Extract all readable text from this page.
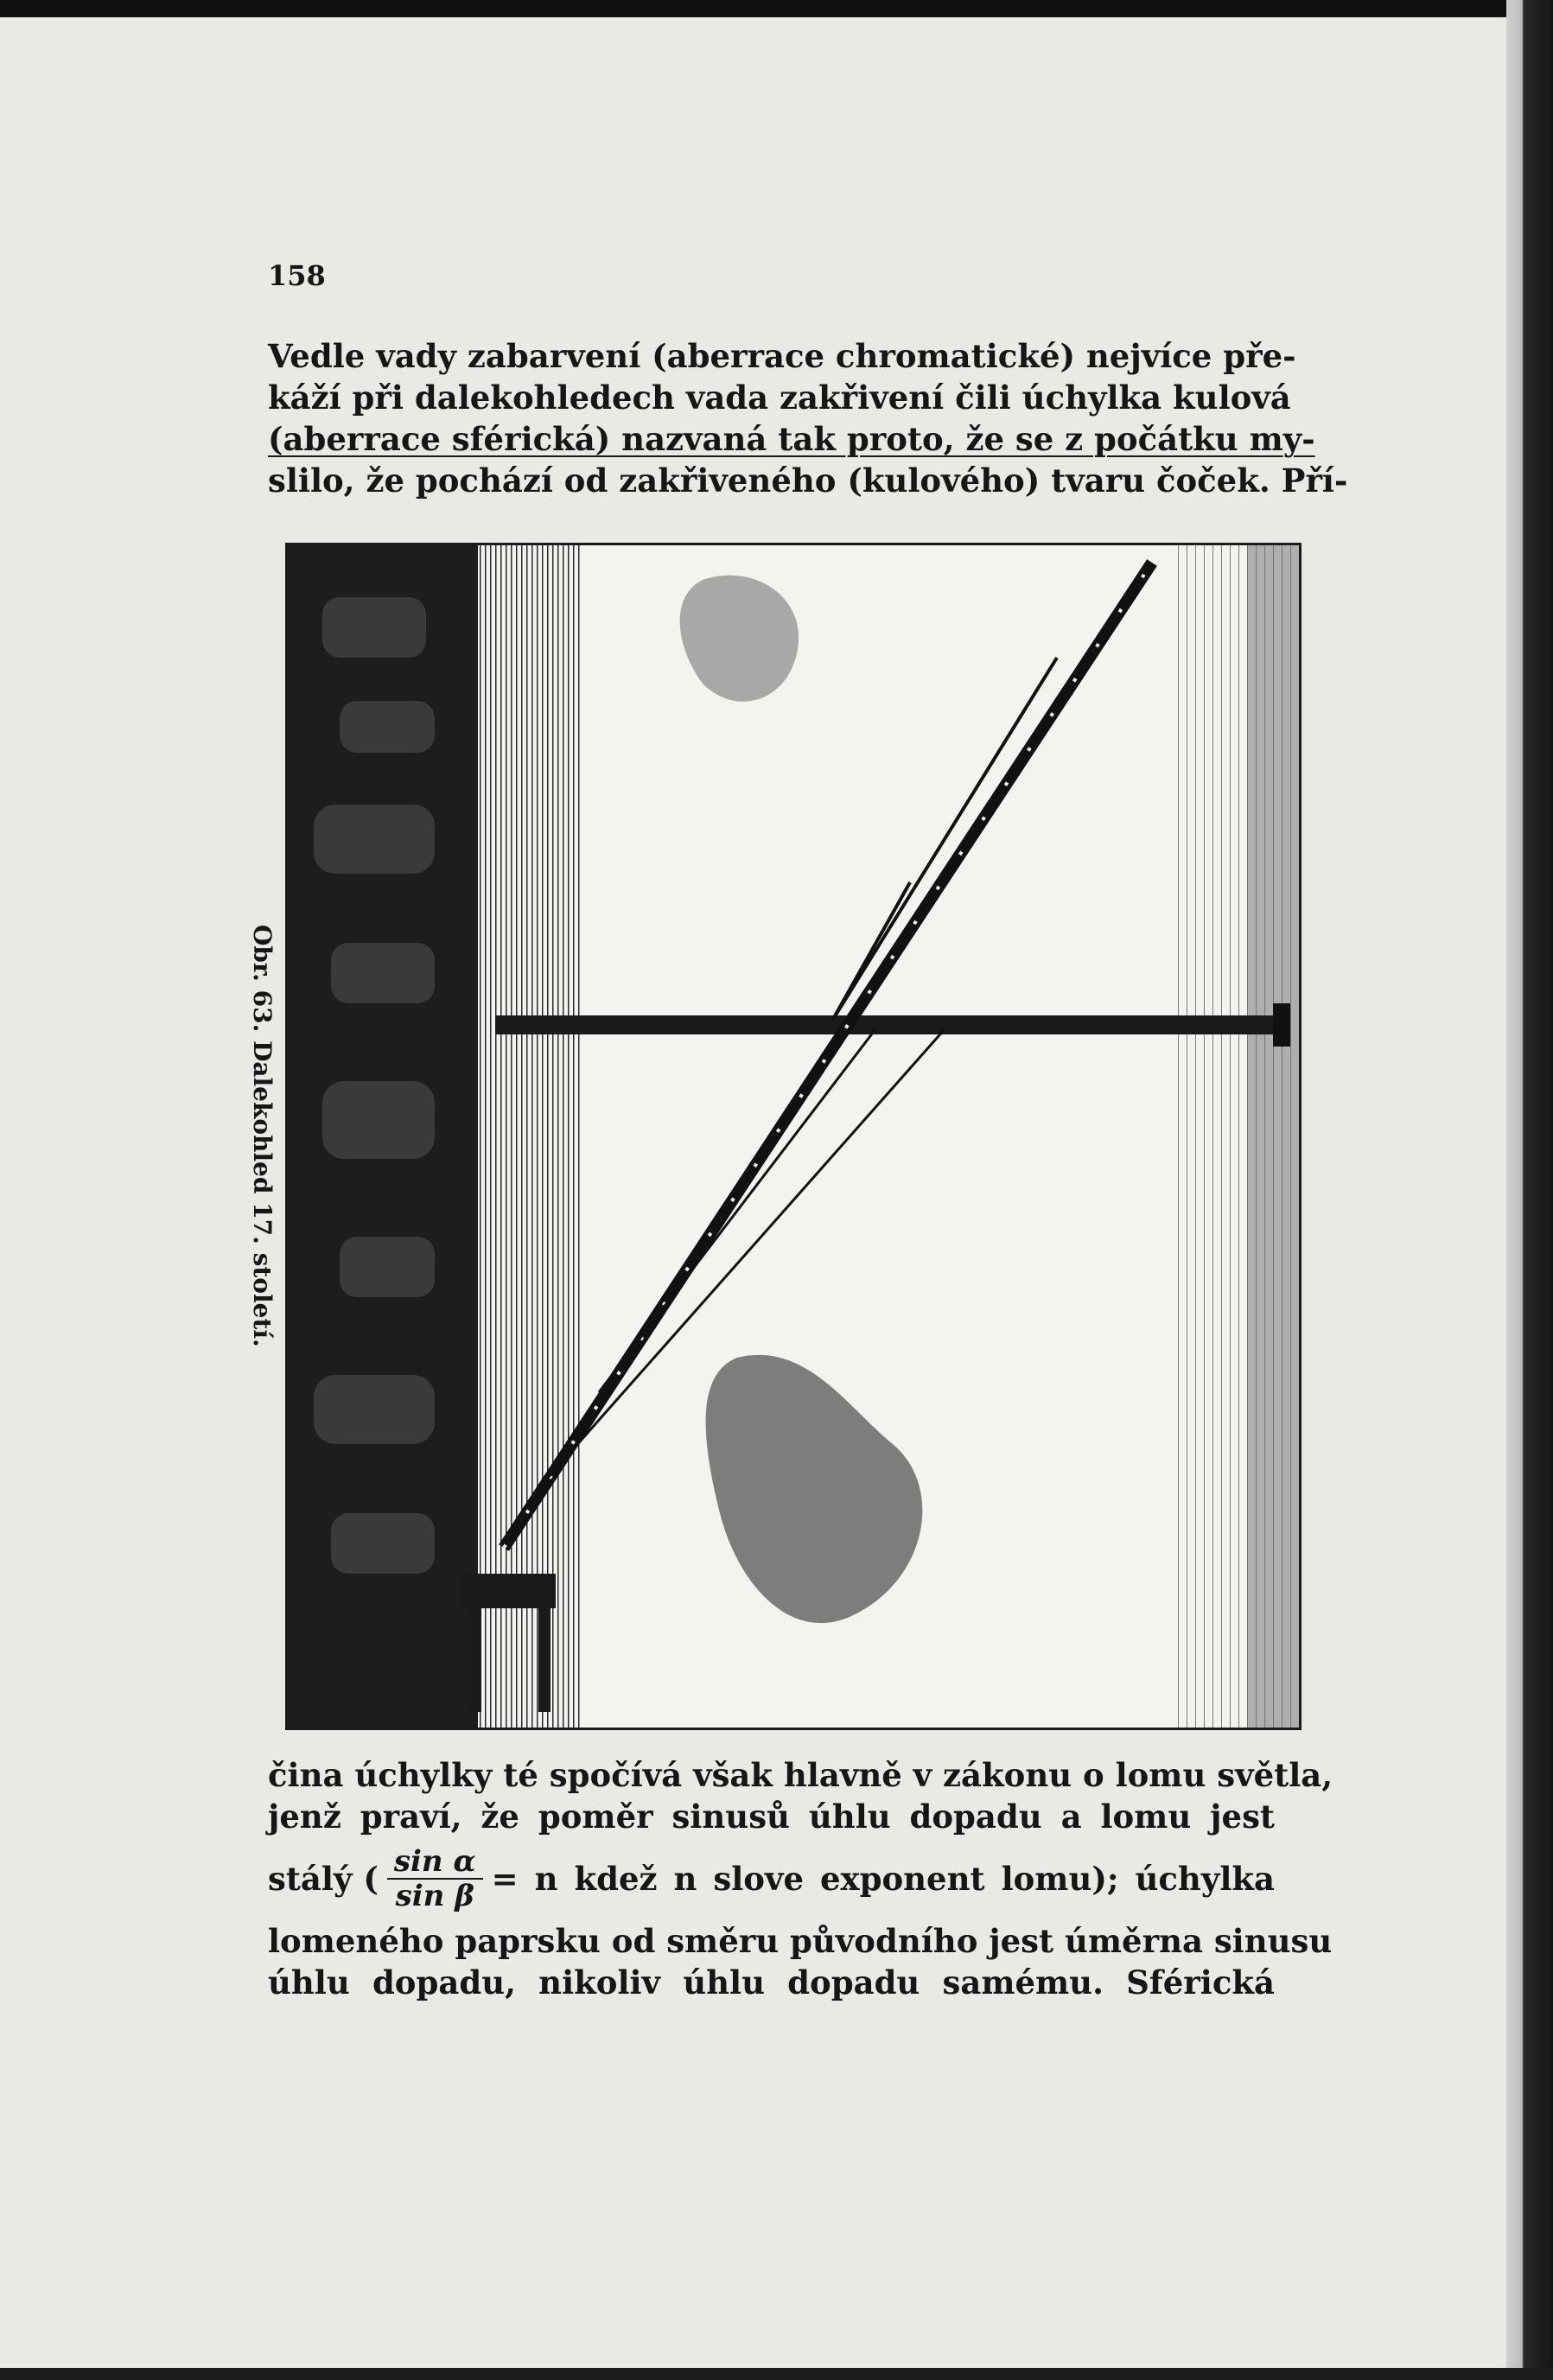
158
Vedle vady zabarvení (aberrace chromatické) nejvíce pře-
káží při dalekohledech vada zakřivení čili úchylka kulová
(aberrace sférická) nazvaná tak proto, že se z počátku my-
slilo, že pochází od zakřiveného (kulového) tvaru čoček. Pří-
Obr. 63. Dalekohled 17. století.
čina úchylky té spočívá však hlavně v zákonu o lomu světla,
jenž praví, že poměr sinusů úhlu dopadu a lomu jest
stálý ( $\frac{\text{sin α}}{\text{sin β}} = n$ kdež n slove exponent lomu); úchylka
lomeného paprsku od směru původního jest úměrna sinusu
úhlu dopadu, nikoliv úhlu dopadu samému. Sférická
